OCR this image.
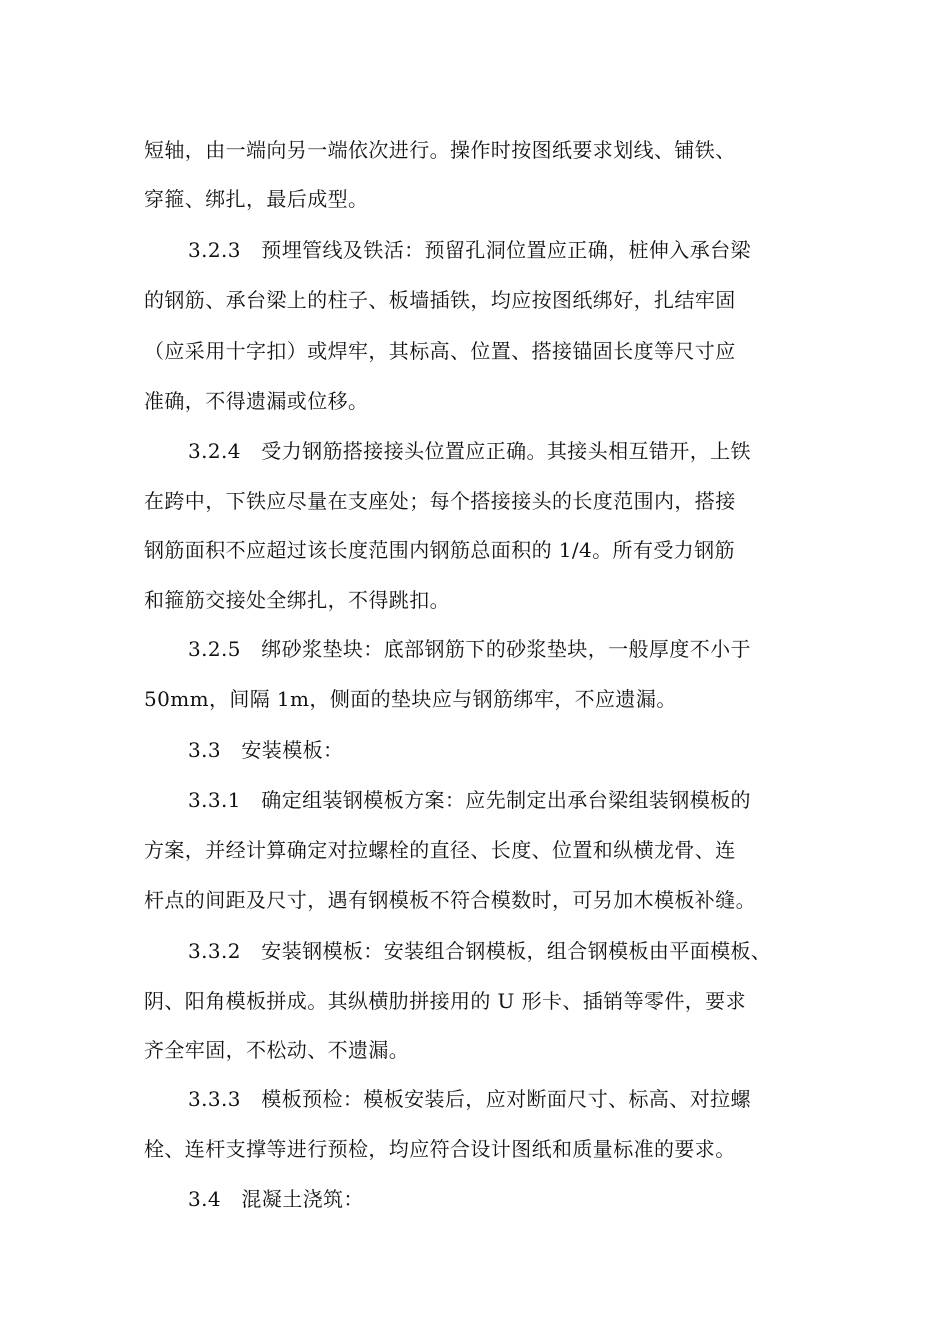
短轴，由一端向另一端依次进行。操作时按图纸要求划线、铺铁、
穿箍、绑扎，最后成型。
3.2.3　预埋管线及铁活：预留孔洞位置应正确，桩伸入承台梁
的钢筋、承台梁上的柱子、板墙插铁，均应按图纸绑好，扎结牢固
（应采用十字扣）或焊牢，其标高、位置、搭接锚固长度等尺寸应
准确，不得遗漏或位移。
3.2.4　受力钢筋搭接接头位置应正确。其接头相互错开，上铁
在跨中，下铁应尽量在支座处；每个搭接接头的长度范围内，搭接
钢筋面积不应超过该长度范围内钢筋总面积的 1/4。所有受力钢筋
和箍筋交接处全绑扎，不得跳扣。
3.2.5　绑砂浆垫块：底部钢筋下的砂浆垫块，一般厚度不小于
50mm，间隔 1m，侧面的垫块应与钢筋绑牢，不应遗漏。
3.3　安装模板：
3.3.1　确定组装钢模板方案：应先制定出承台梁组装钢模板的
方案，并经计算确定对拉螺栓的直径、长度、位置和纵横龙骨、连
杆点的间距及尺寸，遇有钢模板不符合模数时，可另加木模板补缝。
3.3.2　安装钢模板：安装组合钢模板，组合钢模板由平面模板、
阴、阳角模板拼成。其纵横肋拼接用的 U 形卡、插销等零件，要求
齐全牢固，不松动、不遗漏。
3.3.3　模板预检：模板安装后，应对断面尺寸、标高、对拉螺
栓、连杆支撑等进行预检，均应符合设计图纸和质量标准的要求。
3.4　混凝土浇筑：
